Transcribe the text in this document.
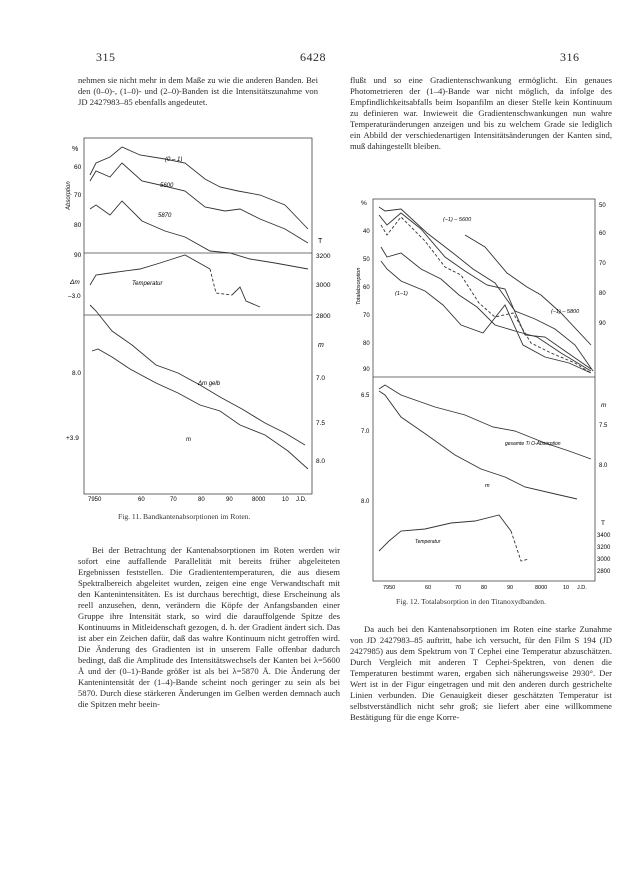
315	6428	316

nehmen sie nicht mehr in dem Maße zu wie die anderen Banden. Bei den (0–0)-, (1–0)- und (2–0)-Banden ist die Intensitätszunahme von JD 2427983–85 ebenfalls angedeutet.

%
Absorption
60
70
80
90
Δm
–3.0
8.0
+3.9
T
3200
3000
2800
m
7.0
7.5
8.0
(0 – 1)
5600
5870
Temperatur
Δm gelb
m
7950	60	70	80	90	8000	10 J.D.
Fig. 11. Bandkantenabsorptionen im Roten.

Bei der Betrachtung der Kantenabsorptionen im Roten werden wir sofort eine auffallende Parallelität mit bereits früher abgeleiteten Ergebnissen feststellen. Die Gradiententemperaturen, die aus diesem Spektralbereich abgeleitet wurden, zeigen eine enge Verwandtschaft mit den Kantenintensitäten. Es ist durchaus berechtigt, diese Erscheinung als reell anzusehen, denn, verändern die Köpfe der Anfangsbanden einer Gruppe ihre Intensität stark, so wird die darauffolgende Spitze des Kontinuums in Mitleidenschaft gezogen, d. h. der Gradient ändert sich. Das ist aber ein Zeichen dafür, daß das wahre Kontinuum nicht getroffen wird. Die Änderung des Gradienten ist in unserem Falle offenbar dadurch bedingt, daß die Amplitude des Intensitätswechsels der Kanten bei λ=5600 Å und der (0–1)-Bande größer ist als bei λ=5870 Å. Die Änderung der Kantenintensität der (1–4)-Bande scheint noch geringer zu sein als bei 5870. Durch diese stärkeren Änderungen im Gelben werden demnach auch die Spitzen mehr beein-

flußt und so eine Gradientenschwankung ermöglicht. Ein genaues Photometrieren der (1–4)-Bande war nicht möglich, da infolge des Empfindlichkeitsabfalls beim Isopanfilm an dieser Stelle kein Kontinuum zu definieren war. Inwieweit die Gradientenschwankungen nun wahre Temperaturänderungen anzeigen und bis zu welchem Grade sie lediglich ein Abbild der verschiedenartigen Intensitätsänderungen der Kanten sind, muß dahingestellt bleiben.

%
Totalabsorption
40
50
60
70
80
90
6.5
7.0
8.0
50
60
70
80
90
m
7.5
8.0
T
3400
3200
3000
2800
(–1) – 5600
(1–1)
(–1) – 5800
gesamte Ti O-Absorption
m
Temperatur
7950	60	70	80	90	8000	10 J.D.
Fig. 12. Totalabsorption in den Titanoxydbanden.

Da auch bei den Kantenabsorptionen im Roten eine starke Zunahme von JD 2427983–85 auftritt, habe ich versucht, für den Film S 194 (JD 2427985) aus dem Spektrum von T Cephei eine Temperatur abzuschätzen. Durch Vergleich mit anderen T Cephei-Spektren, von denen die Temperaturen bestimmt waren, ergaben sich näherungsweise 2930°. Der Wert ist in der Figur eingetragen und mit den anderen durch gestrichelte Linien verbunden. Die Genauigkeit dieser geschätzten Temperatur ist selbstverständlich nicht sehr groß; sie liefert aber eine willkommene Bestätigung für die enge Korre-
